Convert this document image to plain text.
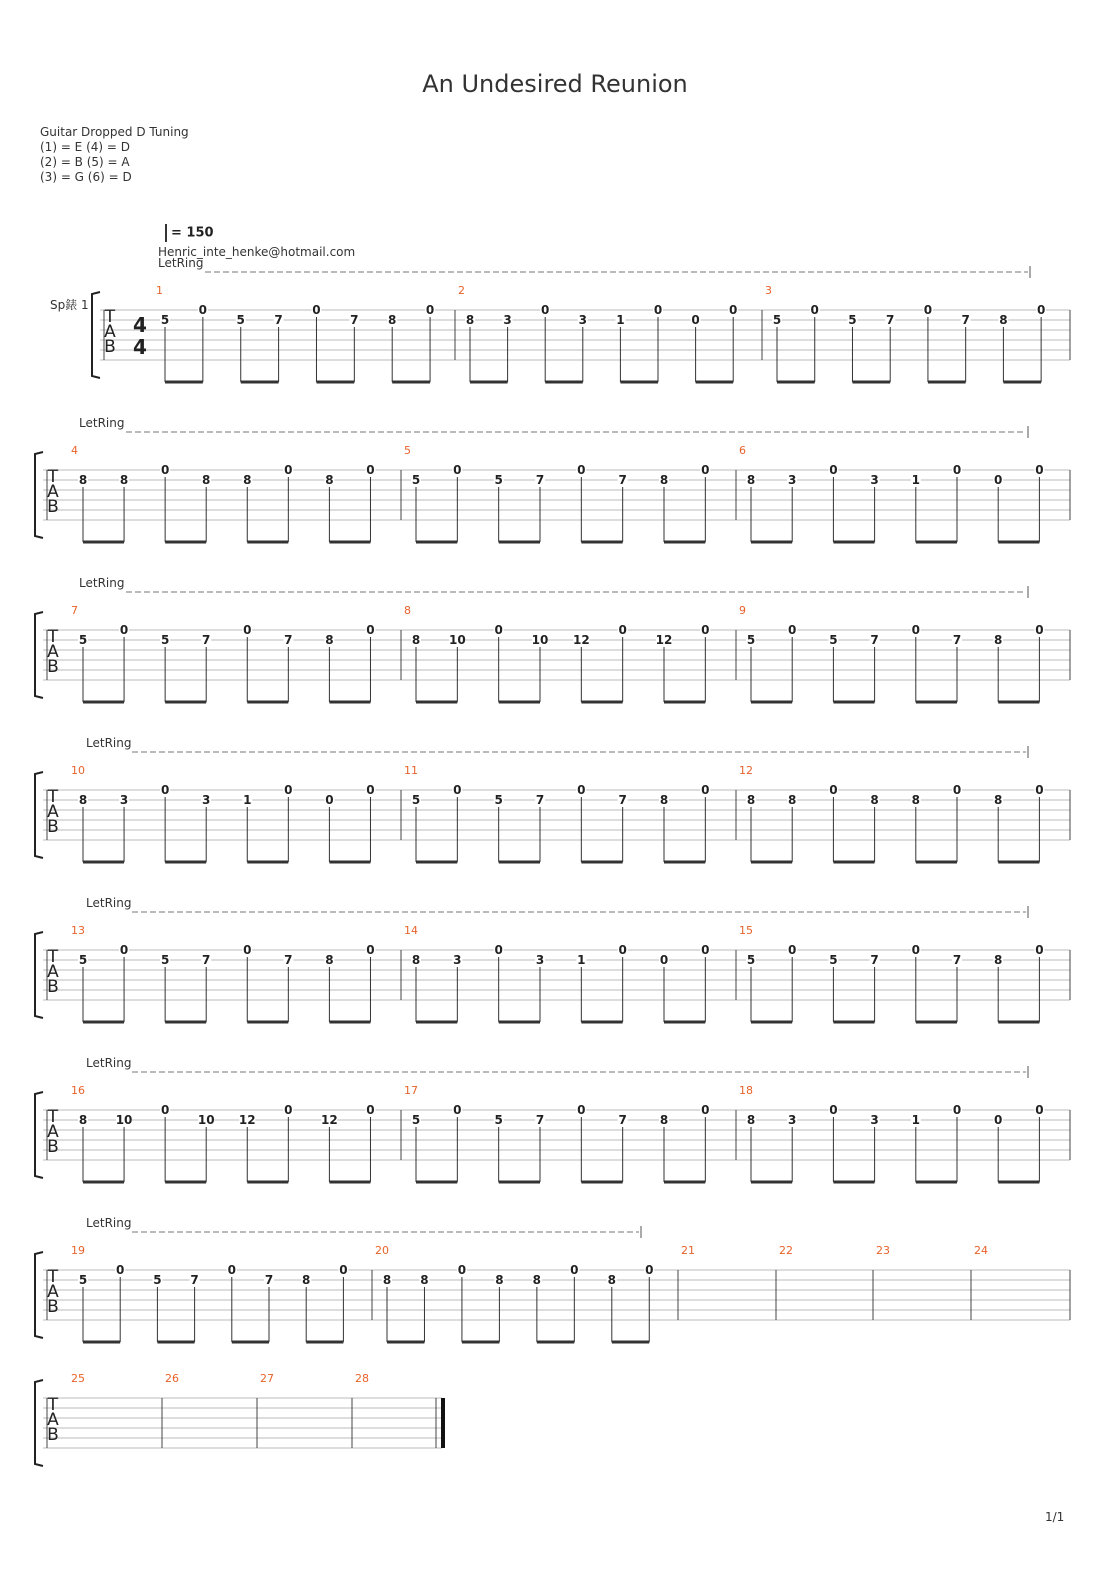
An Undesired Reunion
Guitar Dropped D Tuning
(1) = E (4) = D
(2) = B (5) = A
(3) = G (6) = D
= 150
Henric_inte_henke@hotmail.com
1/1
T
A
B
4
4
Sp錶 1
LetRing
1
5
0
5 7
0
7 8
0
2
8 3
0
3 1
0
0
0
3
5
0
5 7
0
7 8
0
T
A
B
LetRing
4
8	8
0
8	8
0
8
0
5
5
0
5	7
0
7	8
0
6
8	3
0
3	1
0
0
0
T
A
B
LetRing
7
5
0
5	7
0
7	8
0
8
8 10
0
10 12
0
12
0
9
5
0
5	7
0
7	8
0
T
A
B
LetRing
10
8	3
0
3	1
0
0
0
11
5
0
5	7
0
7	8
0
12
8	8
0
8	8
0
8
0
T
A
B
LetRing
13
5
0
5	7
0
7	8
0
14
8	3
0
3	1
0
0
0
15
5
0
5	7
0
7	8
0
T
A
B
LetRing
16
8 10
0
10 12
0
12
0
17
5
0
5	7
0
7	8
0
18
8	3
0
3	1
0
0
0
T
A
B
LetRing
19
5
0
5 7
0
7 8
0
20
8 8
0
8 8
0
8
0
21	22	23	24
T
A
B
25	26	27	28
